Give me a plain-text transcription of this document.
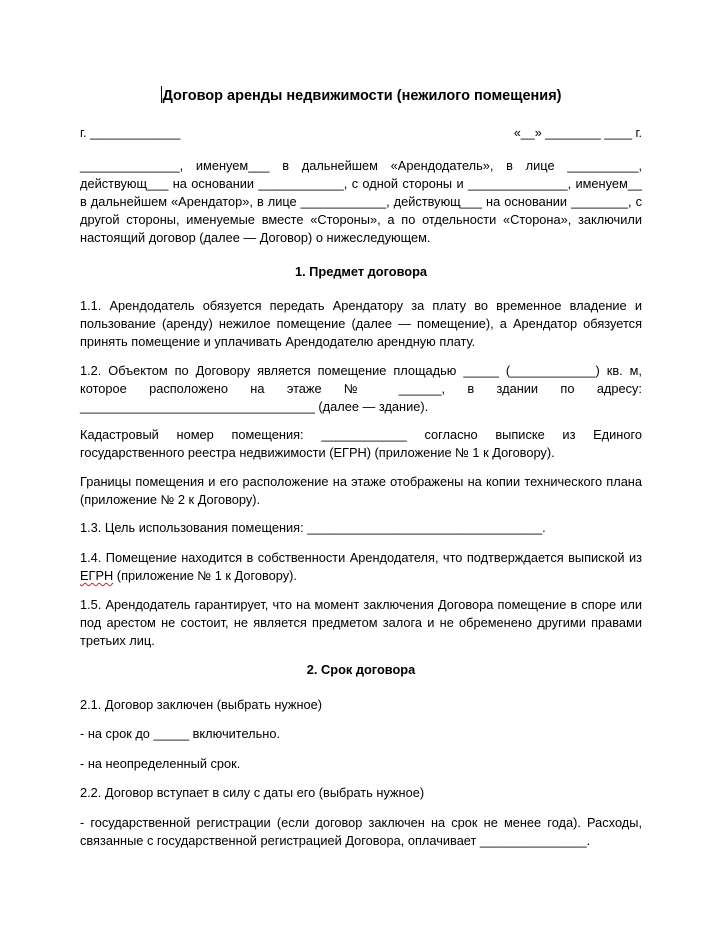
Договор аренды недвижимости (нежилого помещения)
г. _____________	«__» ________ ____ г.
______________, именуем___ в дальнейшем «Арендодатель», в лице __________, действующ___ на основании ____________, с одной стороны и ______________, именуем__ в дальнейшем «Арендатор», в лице ____________, действующ___ на основании ________, с другой стороны, именуемые вместе «Стороны», а по отдельности «Сторона», заключили настоящий договор (далее — Договор) о нижеследующем.
1. Предмет договора
1.1. Арендодатель обязуется передать Арендатору за плату во временное владение и пользование (аренду) нежилое помещение (далее — помещение), а Арендатор обязуется принять помещение и уплачивать Арендодателю арендную плату.
1.2. Объектом по Договору является помещение площадью _____ (____________) кв. м, которое расположено на этаже № ______, в здании по адресу: _________________________________ (далее — здание).
Кадастровый номер помещения: ____________ согласно выписке из Единого государственного реестра недвижимости (ЕГРН) (приложение № 1 к Договору).
Границы помещения и его расположение на этаже отображены на копии технического плана (приложение № 2 к Договору).
1.3. Цель использования помещения: _________________________________.
1.4. Помещение находится в собственности Арендодателя, что подтверждается выпиской из ЕГРН (приложение № 1 к Договору).
1.5. Арендодатель гарантирует, что на момент заключения Договора помещение в споре или под арестом не состоит, не является предметом залога и не обременено другими правами третьих лиц.
2. Срок договора
2.1. Договор заключен (выбрать нужное)
- на срок до _____ включительно.
- на неопределенный срок.
2.2. Договор вступает в силу с даты его (выбрать нужное)
- государственной регистрации (если договор заключен на срок не менее года). Расходы, связанные с государственной регистрацией Договора, оплачивает _______________.
